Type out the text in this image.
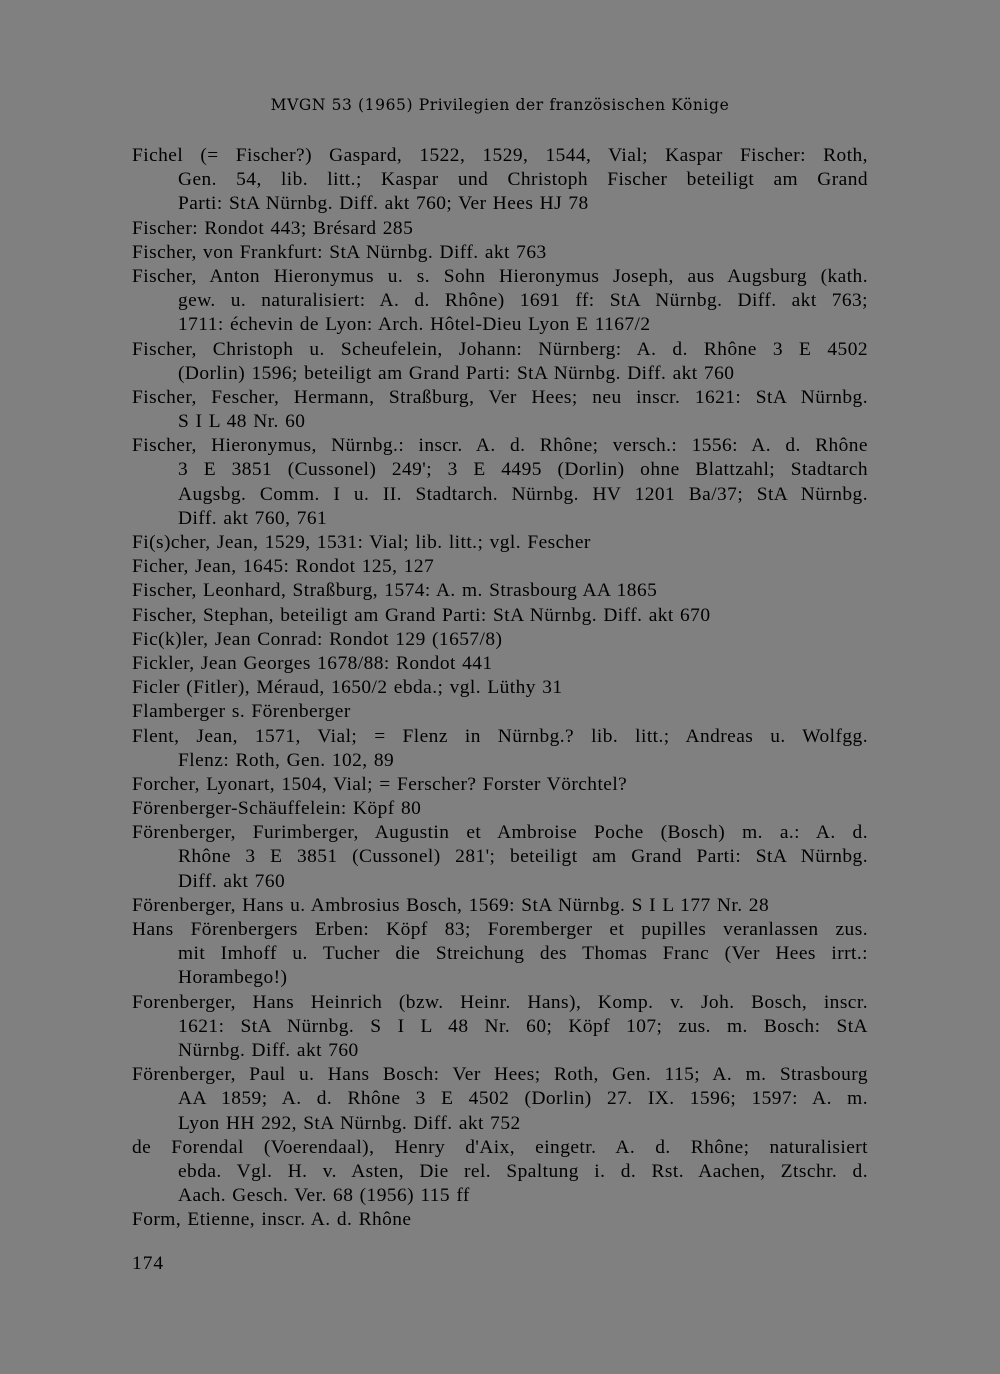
MVGN 53 (1965) Privilegien der französischen Könige
Fichel (= Fischer?) Gaspard, 1522, 1529, 1544, Vial; Kaspar Fischer: Roth,
Gen. 54, lib. litt.; Kaspar und Christoph Fischer beteiligt am Grand
Parti: StA Nürnbg. Diff. akt 760; Ver Hees HJ 78
Fischer: Rondot 443; Brésard 285
Fischer, von Frankfurt: StA Nürnbg. Diff. akt 763
Fischer, Anton Hieronymus u. s. Sohn Hieronymus Joseph, aus Augsburg (kath.
gew. u. naturalisiert: A. d. Rhône) 1691 ff: StA Nürnbg. Diff. akt 763;
1711: échevin de Lyon: Arch. Hôtel-Dieu Lyon E 1167/2
Fischer, Christoph u. Scheufelein, Johann: Nürnberg: A. d. Rhône 3 E 4502
(Dorlin) 1596; beteiligt am Grand Parti: StA Nürnbg. Diff. akt 760
Fischer, Fescher, Hermann, Straßburg, Ver Hees; neu inscr. 1621: StA Nürnbg.
S I L 48 Nr. 60
Fischer, Hieronymus, Nürnbg.: inscr. A. d. Rhône; versch.: 1556: A. d. Rhône
3 E 3851 (Cussonel) 249'; 3 E 4495 (Dorlin) ohne Blattzahl; Stadtarch
Augsbg. Comm. I u. II. Stadtarch. Nürnbg. HV 1201 Ba/37; StA Nürnbg.
Diff. akt 760, 761
Fi(s)cher, Jean, 1529, 1531: Vial; lib. litt.; vgl. Fescher
Ficher, Jean, 1645: Rondot 125, 127
Fischer, Leonhard, Straßburg, 1574: A. m. Strasbourg AA 1865
Fischer, Stephan, beteiligt am Grand Parti: StA Nürnbg. Diff. akt 670
Fic(k)ler, Jean Conrad: Rondot 129 (1657/8)
Fickler, Jean Georges 1678/88: Rondot 441
Ficler (Fitler), Méraud, 1650/2 ebda.; vgl. Lüthy 31
Flamberger s. Förenberger
Flent, Jean, 1571, Vial; = Flenz in Nürnbg.? lib. litt.; Andreas u. Wolfgg.
Flenz: Roth, Gen. 102, 89
Forcher, Lyonart, 1504, Vial; = Ferscher? Forster Vörchtel?
Förenberger-Schäuffelein: Köpf 80
Förenberger, Furimberger, Augustin et Ambroise Poche (Bosch) m. a.: A. d.
Rhône 3 E 3851 (Cussonel) 281'; beteiligt am Grand Parti: StA Nürnbg.
Diff. akt 760
Förenberger, Hans u. Ambrosius Bosch, 1569: StA Nürnbg. S I L 177 Nr. 28
Hans Förenbergers Erben: Köpf 83; Foremberger et pupilles veranlassen zus.
mit Imhoff u. Tucher die Streichung des Thomas Franc (Ver Hees irrt.:
Horambego!)
Forenberger, Hans Heinrich (bzw. Heinr. Hans), Komp. v. Joh. Bosch, inscr.
1621: StA Nürnbg. S I L 48 Nr. 60; Köpf 107; zus. m. Bosch: StA
Nürnbg. Diff. akt 760
Förenberger, Paul u. Hans Bosch: Ver Hees; Roth, Gen. 115; A. m. Strasbourg
AA 1859; A. d. Rhône 3 E 4502 (Dorlin) 27. IX. 1596; 1597: A. m.
Lyon HH 292, StA Nürnbg. Diff. akt 752
de Forendal (Voerendaal), Henry d'Aix, eingetr. A. d. Rhône; naturalisiert
ebda. Vgl. H. v. Asten, Die rel. Spaltung i. d. Rst. Aachen, Ztschr. d.
Aach. Gesch. Ver. 68 (1956) 115 ff
Form, Etienne, inscr. A. d. Rhône
174
